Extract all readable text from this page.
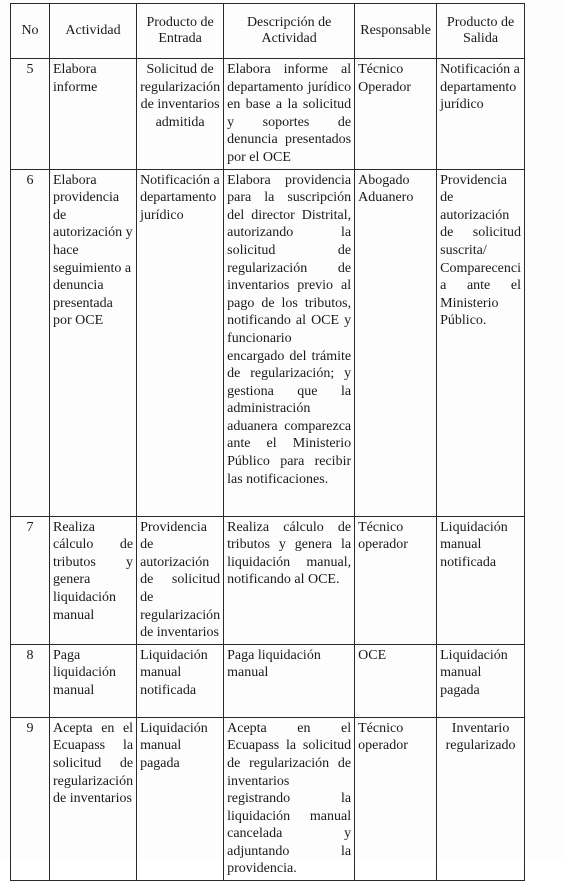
No	Actividad	Producto de Entrada	Descripción de Actividad	Responsable	Producto de Salida
5	Elabora informe	Solicitud de regularización de inventarios admitida	Elabora informe al departamento jurídico en base a la solicitud y soportes de denuncia presentados por el OCE	Técnico Operador	Notificación a departamento jurídico
6	Elabora providencia de autorización y hace seguimiento a denuncia presentada por OCE	Notificación a departamento jurídico	Elabora providencia para la suscripción del director Distrital, autorizando la solicitud de regularización de inventarios previo al pago de los tributos, notificando al OCE y funcionario encargado del trámite de regularización; y gestiona que la administración aduanera comparezca ante el Ministerio Público para recibir las notificaciones.	Abogado Aduanero	Providencia de autorización de solicitud suscrita/ Comparecenci a ante el Ministerio Público.
7	Realiza cálculo de tributos y genera liquidación manual	Providencia de autorización de solicitud de regularización de inventarios	Realiza cálculo de tributos y genera la liquidación manual, notificando al OCE.	Técnico operador	Liquidación manual notificada
8	Paga liquidación manual	Liquidación manual notificada	Paga liquidación manual	OCE	Liquidación manual pagada
9	Acepta en el Ecuapass la solicitud de regularización de inventarios	Liquidación manual pagada	Acepta en el Ecuapass la solicitud de regularización de inventarios registrando la liquidación manual cancelada y adjuntando la providencia.	Técnico operador	Inventario regularizado
